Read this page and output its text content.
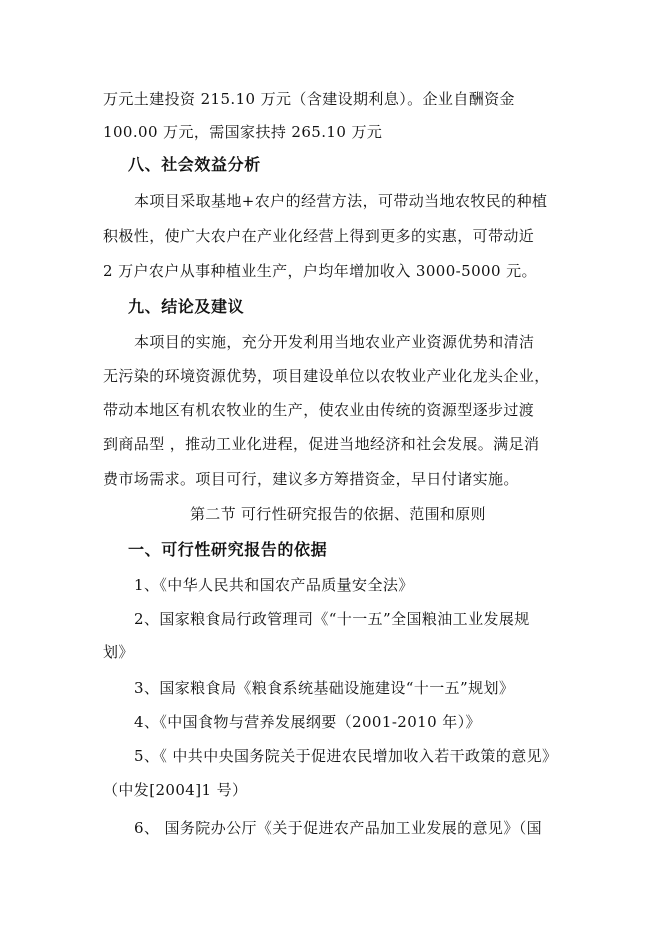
万元土建投资 215.10 万元（含建设期利息）。企业自酬资金
100.00 万元，需国家扶持 265.10 万元
八、社会效益分析
本项目采取基地+农户的经营方法，可带动当地农牧民的种植
积极性，使广大农户在产业化经营上得到更多的实惠，可带动近
2 万户农户从事种植业生产，户均年增加收入 3000-5000 元。
九、结论及建议
本项目的实施，充分开发利用当地农业产业资源优势和清洁
无污染的环境资源优势，项目建设单位以农牧业产业化龙头企业，
带动本地区有机农牧业的生产，使农业由传统的资源型逐步过渡
到商品型 ，推动工业化进程，促进当地经济和社会发展。满足消
费市场需求。项目可行，建议多方筹措资金，早日付诸实施。
第二节 可行性研究报告的依据、范围和原则
一、可行性研究报告的依据
1、《中华人民共和国农产品质量安全法》
2、国家粮食局行政管理司《“十一五”全国粮油工业发展规
划》
3、国家粮食局《粮食系统基础设施建设“十一五”规划》
4、《中国食物与营养发展纲要（2001-2010 年）》
5、《 中共中央国务院关于促进农民增加收入若干政策的意见》
（中发[2004]1 号）
6、 国务院办公厅《关于促进农产品加工业发展的意见》（国
